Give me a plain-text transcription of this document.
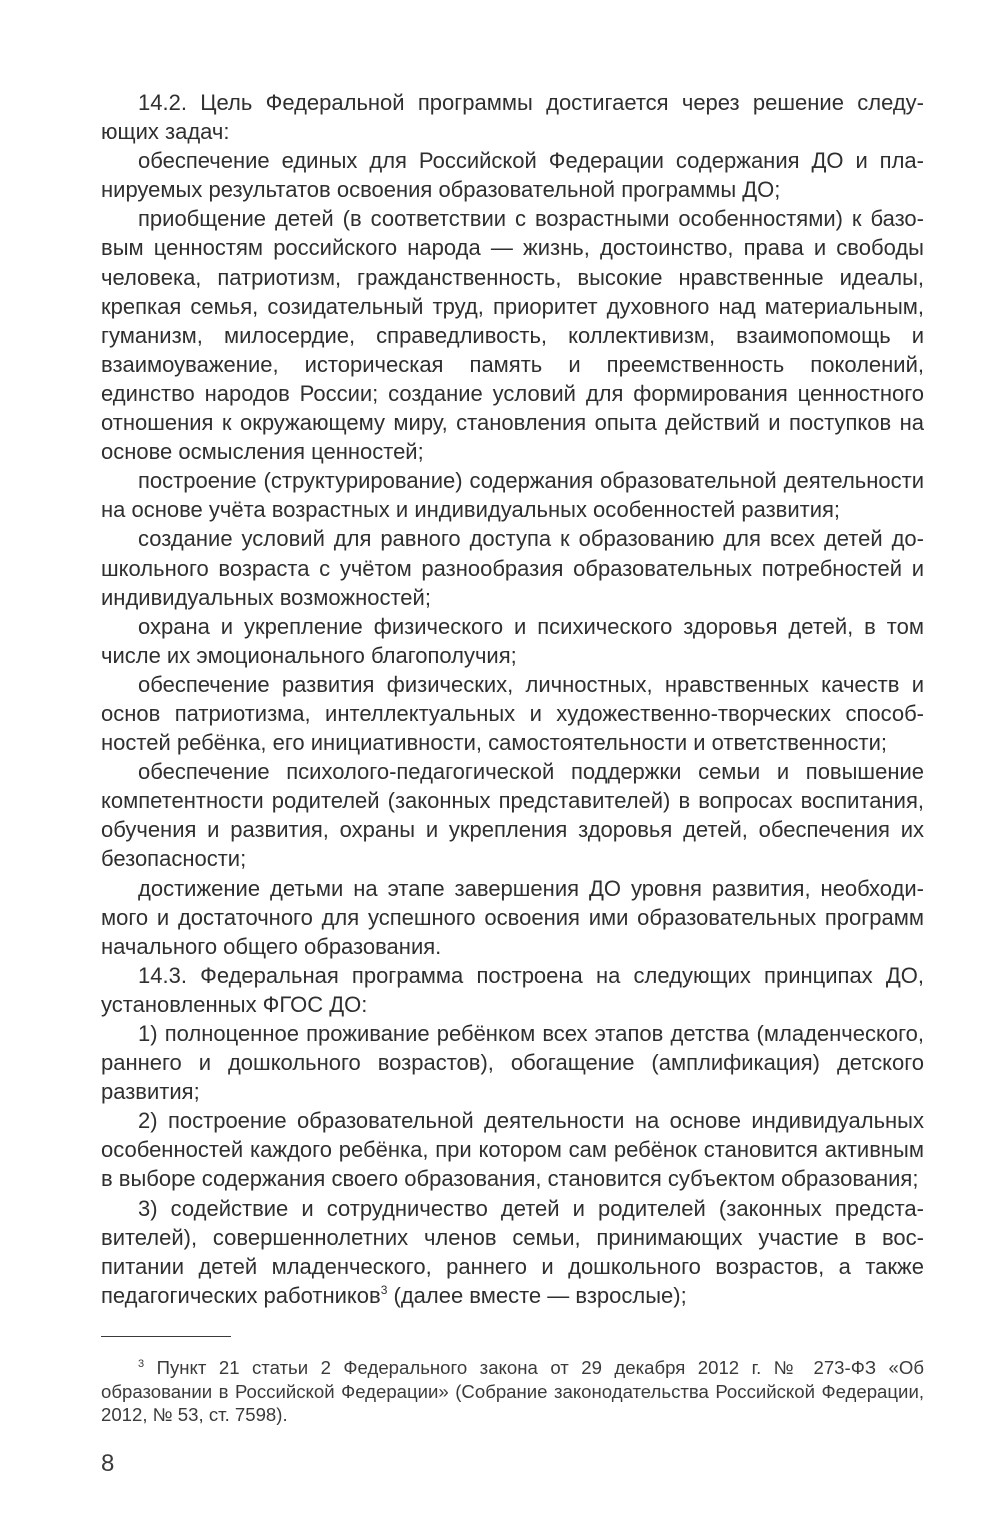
14.2. Цель Федеральной программы достигается через решение следующих задач:

обеспечение единых для Российской Федерации содержания ДО и планируемых результатов освоения образовательной программы ДО;

приобщение детей (в соответствии с возрастными особенностями) к базовым ценностям российского народа — жизнь, достоинство, права и свободы человека, патриотизм, гражданственность, высокие нравственные идеалы, крепкая семья, созидательный труд, приоритет духовного над материальным, гуманизм, милосердие, справедливость, коллективизм, взаимопомощь и взаимоуважение, историческая память и преемственность поколений, единство народов России; создание условий для формирования ценностного отношения к окружающему миру, становления опыта действий и поступков на основе осмысления ценностей;

построение (структурирование) содержания образовательной деятельности на основе учёта возрастных и индивидуальных особенностей развития;

создание условий для равного доступа к образованию для всех детей дошкольного возраста с учётом разнообразия образовательных потребностей и индивидуальных возможностей;

охрана и укрепление физического и психического здоровья детей, в том числе их эмоционального благополучия;

обеспечение развития физических, личностных, нравственных качеств и основ патриотизма, интеллектуальных и художественно-творческих способностей ребёнка, его инициативности, самостоятельности и ответственности;

обеспечение психолого-педагогической поддержки семьи и повышение компетентности родителей (законных представителей) в вопросах воспитания, обучения и развития, охраны и укрепления здоровья детей, обеспечения их безопасности;

достижение детьми на этапе завершения ДО уровня развития, необходимого и достаточного для успешного освоения ими образовательных программ начального общего образования.

14.3. Федеральная программа построена на следующих принципах ДО, установленных ФГОС ДО:

1) полноценное проживание ребёнком всех этапов детства (младенческого, раннего и дошкольного возрастов), обогащение (амплификация) детского развития;

2) построение образовательной деятельности на основе индивидуальных особенностей каждого ребёнка, при котором сам ребёнок становится активным в выборе содержания своего образования, становится субъектом образования;

3) содействие и сотрудничество детей и родителей (законных представителей), совершеннолетних членов семьи, принимающих участие в воспитании детей младенческого, раннего и дошкольного возрастов, а также педагогических работников$^3$ (далее вместе — взрослые);

$^3$ Пункт 21 статьи 2 Федерального закона от 29 декабря 2012 г. № 273-ФЗ «Об образовании в Российской Федерации» (Собрание законодательства Российской Федерации, 2012, № 53, ст. 7598).

8
